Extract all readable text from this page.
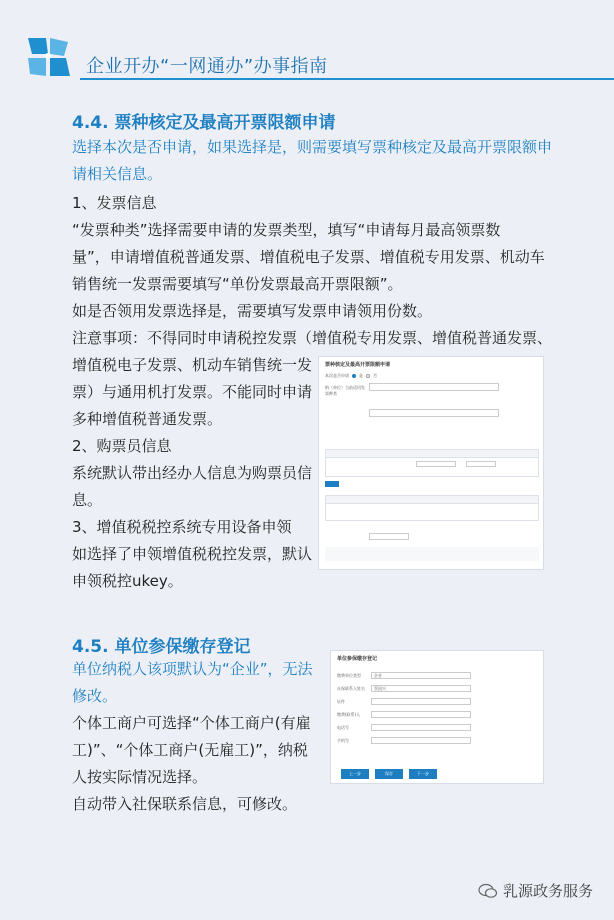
企业开办“一网通办”办事指南
4.4. 票种核定及最高开票限额申请
选择本次是否申请，如果选择是，则需要填写票种核定及最高开票限额申
请相关信息。
1、发票信息
“发票种类”选择需要申请的发票类型，填写“申请每月最高领票数
量”，申请增值税普通发票、增值税电子发票、增值税专用发票、机动车
销售统一发票需要填写“单份发票最高开票限额”。
如是否领用发票选择是，需要填写发票申请领用份数。
注意事项：不得同时申请税控发票（增值税专用发票、增值税普通发票、
增值税电子发票、机动车销售统一发
票）与通用机打发票。不能同时申请
多种增值税普通发票。
2、购票员信息
系统默认带出经办人信息为购票员信
息。
3、增值税税控系统专用设备申领
如选择了申领增值税税控发票，默认
申领税控ukey。
票种核定及最高开票限额申请
本次是否申请	是	否
纳（单位）当前适用发票种类
4.5. 单位参保缴存登记
单位纳税人该项默认为“企业”，无法
修改。
个体工商户可选择“个体工商户(有雇
工)”、“个体工商户(无雇工)”，纳税
人按实际情况选择。
自动带入社保联系信息，可修改。
单位参保缴存登记
缴费单位类型	企业
社保联系人姓名	蔡国兴
证件
缴费(联系)人
电话号
手机号
上一步	保存	下一步
乳源政务服务
